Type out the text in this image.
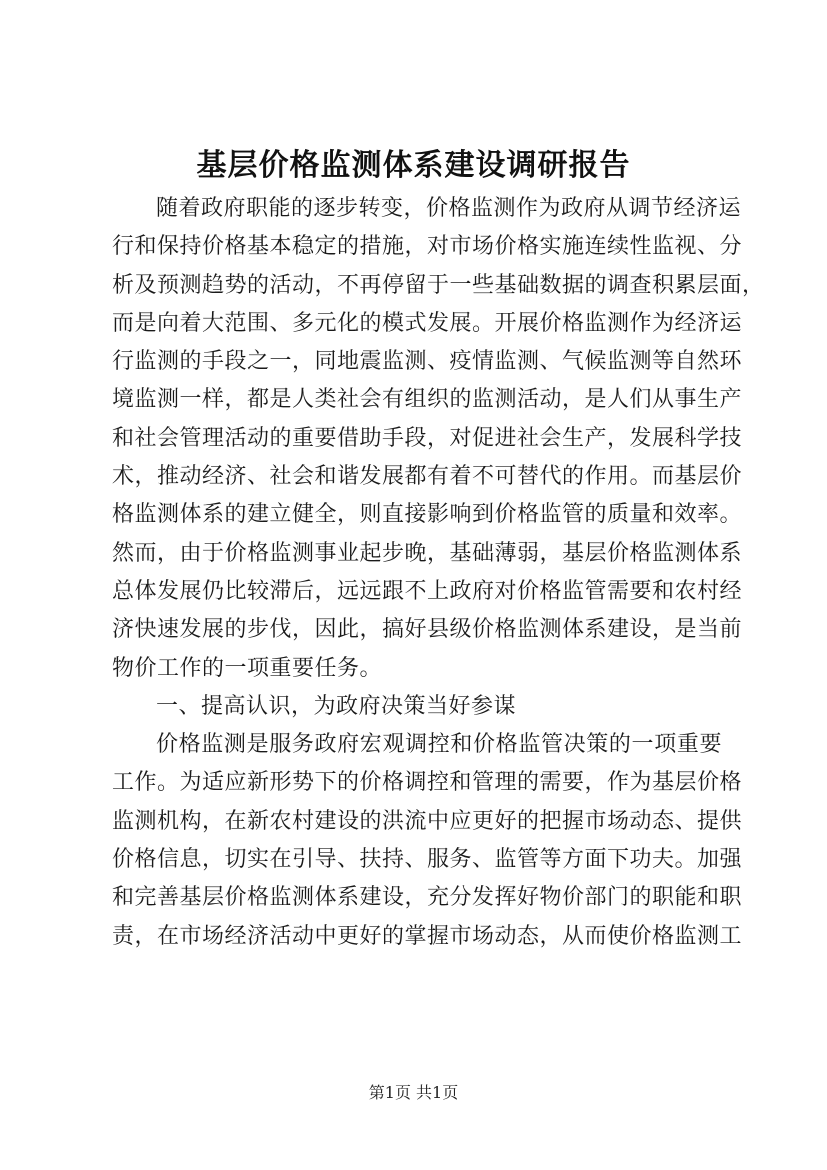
基层价格监测体系建设调研报告
随着政府职能的逐步转变，价格监测作为政府从调节经济运
行和保持价格基本稳定的措施，对市场价格实施连续性监视、分
析及预测趋势的活动，不再停留于一些基础数据的调查积累层面，
而是向着大范围、多元化的模式发展。开展价格监测作为经济运
行监测的手段之一，同地震监测、疫情监测、气候监测等自然环
境监测一样，都是人类社会有组织的监测活动，是人们从事生产
和社会管理活动的重要借助手段，对促进社会生产，发展科学技
术，推动经济、社会和谐发展都有着不可替代的作用。而基层价
格监测体系的建立健全，则直接影响到价格监管的质量和效率。
然而，由于价格监测事业起步晚，基础薄弱，基层价格监测体系
总体发展仍比较滞后，远远跟不上政府对价格监管需要和农村经
济快速发展的步伐，因此，搞好县级价格监测体系建设，是当前
物价工作的一项重要任务。
一、提高认识，为政府决策当好参谋
价格监测是服务政府宏观调控和价格监管决策的一项重要
工作。为适应新形势下的价格调控和管理的需要，作为基层价格
监测机构，在新农村建设的洪流中应更好的把握市场动态、提供
价格信息，切实在引导、扶持、服务、监管等方面下功夫。加强
和完善基层价格监测体系建设，充分发挥好物价部门的职能和职
责，在市场经济活动中更好的掌握市场动态，从而使价格监测工
第1页 共1页
